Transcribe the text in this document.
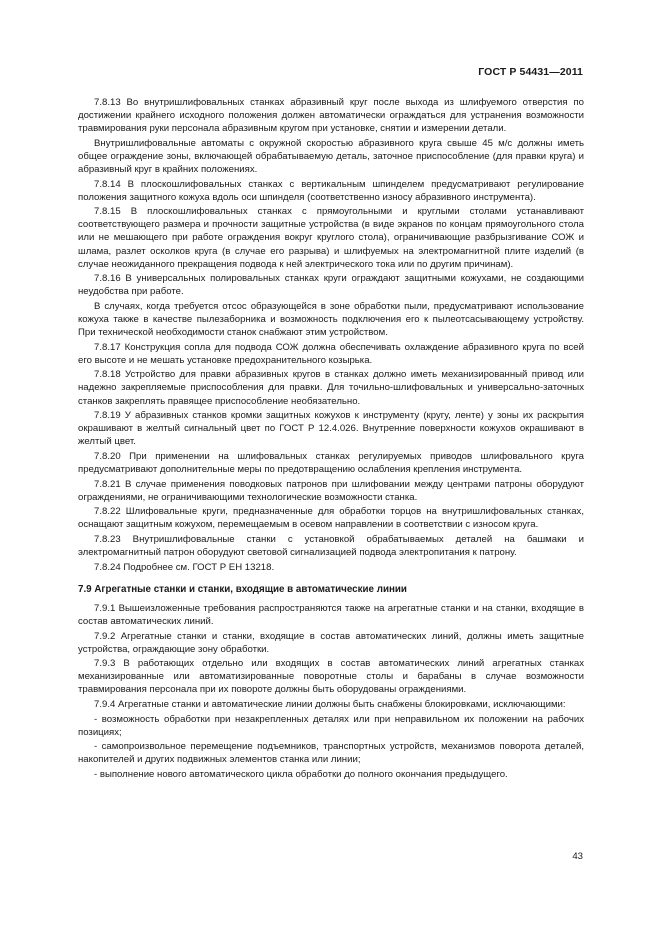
ГОСТ Р 54431—2011

7.8.13 Во внутришлифовальных станках абразивный круг после выхода из шлифуемого отверстия по достижении крайнего исходного положения должен автоматически ограждаться для устранения возможности травмирования руки персонала абразивным кругом при установке, снятии и измерении детали.

Внутришлифовальные автоматы с окружной скоростью абразивного круга свыше 45 м/с должны иметь общее ограждение зоны, включающей обрабатываемую деталь, заточное приспособление (для правки круга) и абразивный круг в крайних положениях.

7.8.14 В плоскошлифовальных станках с вертикальным шпинделем предусматривают регулирование положения защитного кожуха вдоль оси шпинделя (соответственно износу абразивного инструмента).

7.8.15 В плоскошлифовальных станках с прямоугольными и круглыми столами устанавливают соответствующего размера и прочности защитные устройства (в виде экранов по концам прямоугольного стола или не мешающего при работе ограждения вокруг круглого стола), ограничивающие разбрызгивание СОЖ и шлама, разлет осколков круга (в случае его разрыва) и шлифуемых на электромагнитной плите изделий (в случае неожиданного прекращения подвода к ней электрического тока или по другим причинам).

7.8.16 В универсальных полировальных станках круги ограждают защитными кожухами, не создающими неудобства при работе.

В случаях, когда требуется отсос образующейся в зоне обработки пыли, предусматривают использование кожуха также в качестве пылезаборника и возможность подключения его к пылеотсасывающему устройству. При технической необходимости станок снабжают этим устройством.

7.8.17 Конструкция сопла для подвода СОЖ должна обеспечивать охлаждение абразивного круга по всей его высоте и не мешать установке предохранительного козырька.

7.8.18 Устройство для правки абразивных кругов в станках должно иметь механизированный привод или надежно закрепляемые приспособления для правки. Для точильно-шлифовальных и универсально-заточных станков закреплять правящее приспособление необязательно.

7.8.19 У абразивных станков кромки защитных кожухов к инструменту (кругу, ленте) у зоны их раскрытия окрашивают в желтый сигнальный цвет по ГОСТ Р 12.4.026. Внутренние поверхности кожухов окрашивают в желтый цвет.

7.8.20 При применении на шлифовальных станках регулируемых приводов шлифовального круга предусматривают дополнительные меры по предотвращению ослабления крепления инструмента.

7.8.21 В случае применения поводковых патронов при шлифовании между центрами патроны оборудуют ограждениями, не ограничивающими технологические возможности станка.

7.8.22 Шлифовальные круги, предназначенные для обработки торцов на внутришлифовальных станках, оснащают защитным кожухом, перемещаемым в осевом направлении в соответствии с износом круга.

7.8.23 Внутришлифовальные станки с установкой обрабатываемых деталей на башмаки и электромагнитный патрон оборудуют световой сигнализацией подвода электропитания к патрону.

7.8.24 Подробнее см. ГОСТ Р ЕН 13218.

7.9 Агрегатные станки и станки, входящие в автоматические линии

7.9.1 Вышеизложенные требования распространяются также на агрегатные станки и на станки, входящие в состав автоматических линий.

7.9.2 Агрегатные станки и станки, входящие в состав автоматических линий, должны иметь защитные устройства, ограждающие зону обработки.

7.9.3 В работающих отдельно или входящих в состав автоматических линий агрегатных станках механизированные или автоматизированные поворотные столы и барабаны в случае возможности травмирования персонала при их повороте должны быть оборудованы ограждениями.

7.9.4 Агрегатные станки и автоматические линии должны быть снабжены блокировками, исключающими:

- возможность обработки при незакрепленных деталях или при неправильном их положении на рабочих позициях;

- самопроизвольное перемещение подъемников, транспортных устройств, механизмов поворота деталей, накопителей и других подвижных элементов станка или линии;

- выполнение нового автоматического цикла обработки до полного окончания предыдущего.

43
